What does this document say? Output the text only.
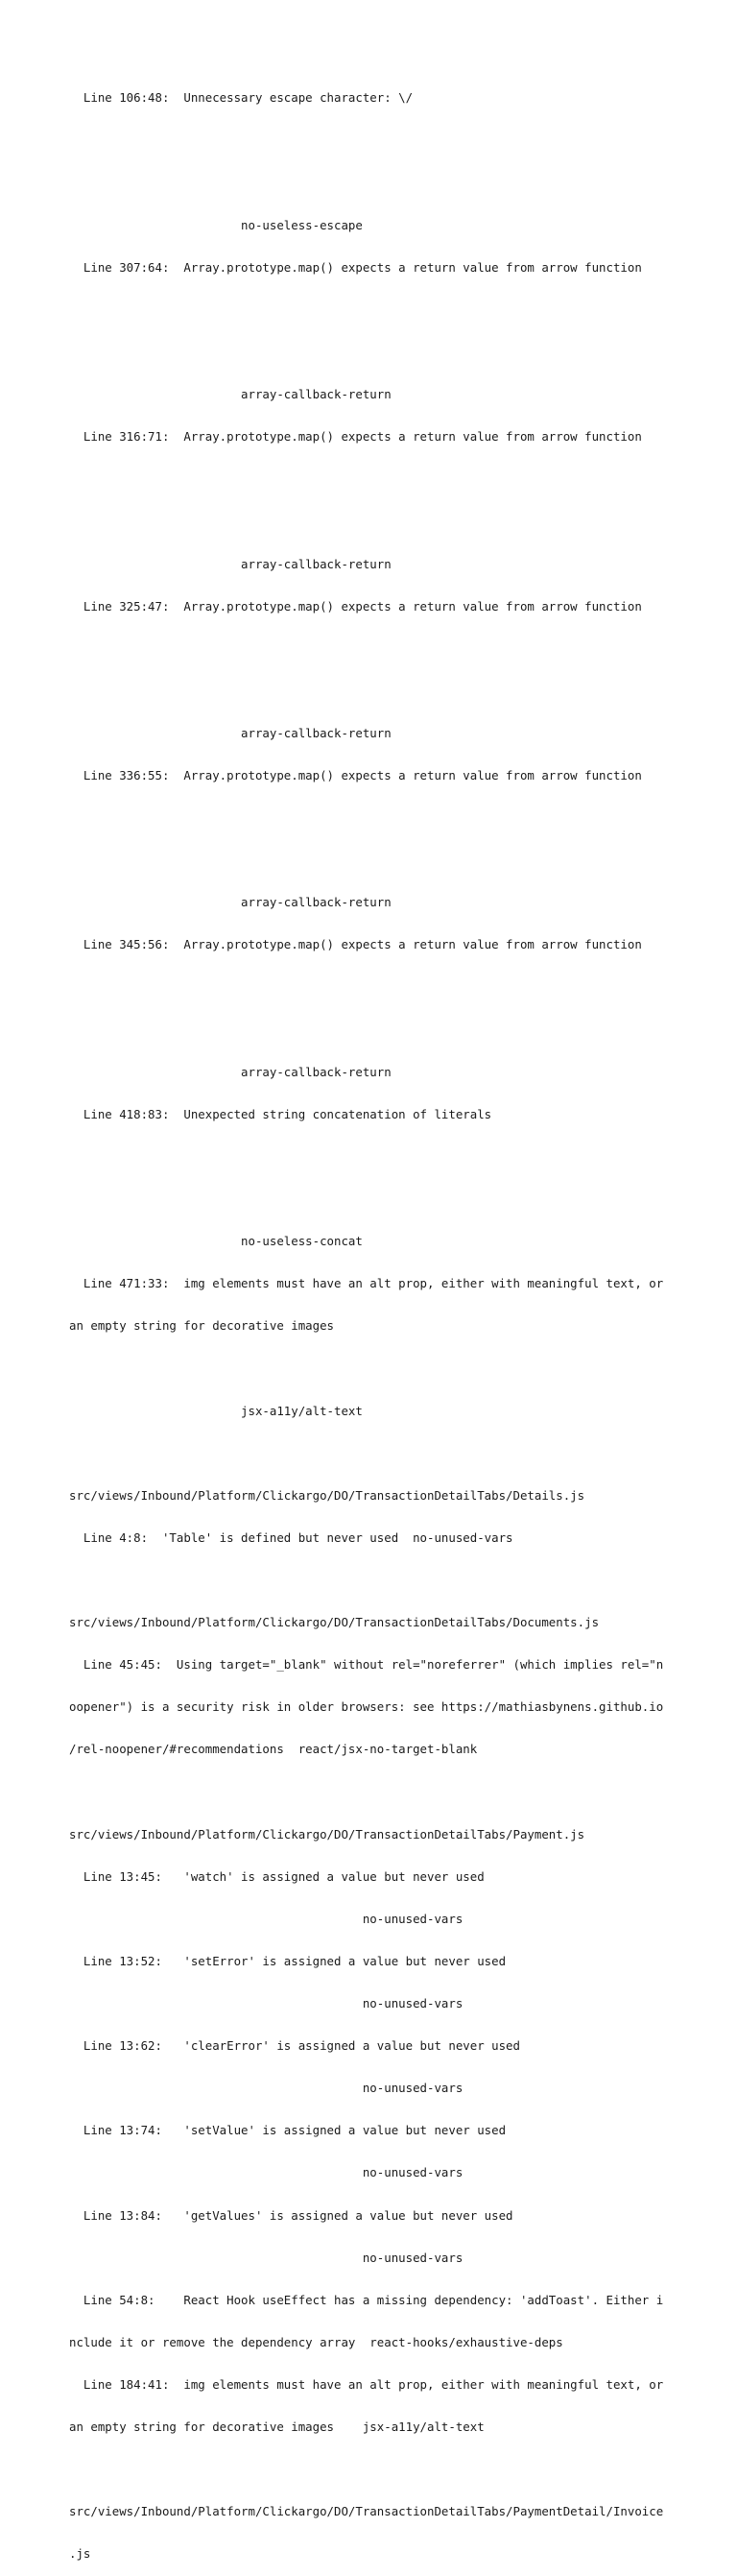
Line 106:48:  Unnecessary escape character: \/

no-useless-escape

Line 307:64:  Array.prototype.map() expects a return value from arrow function

array-callback-return

Line 316:71:  Array.prototype.map() expects a return value from arrow function

array-callback-return

Line 325:47:  Array.prototype.map() expects a return value from arrow function

array-callback-return

Line 336:55:  Array.prototype.map() expects a return value from arrow function

array-callback-return

Line 345:56:  Array.prototype.map() expects a return value from arrow function

array-callback-return

Line 418:83:  Unexpected string concatenation of literals

no-useless-concat

Line 471:33:  img elements must have an alt prop, either with meaningful text, or

an empty string for decorative images

jsx-a11y/alt-text

src/views/Inbound/Platform/Clickargo/DO/TransactionDetailTabs/Details.js

Line 4:8:  'Table' is defined but never used  no-unused-vars

src/views/Inbound/Platform/Clickargo/DO/TransactionDetailTabs/Documents.js

Line 45:45:  Using target="_blank" without rel="noreferrer" (which implies rel="n

oopener") is a security risk in older browsers: see https://mathiasbynens.github.io

/rel-noopener/#recommendations  react/jsx-no-target-blank

src/views/Inbound/Platform/Clickargo/DO/TransactionDetailTabs/Payment.js

Line 13:45:   'watch' is assigned a value but never used

no-unused-vars

Line 13:52:   'setError' is assigned a value but never used

no-unused-vars

Line 13:62:   'clearError' is assigned a value but never used

no-unused-vars

Line 13:74:   'setValue' is assigned a value but never used

no-unused-vars

Line 13:84:   'getValues' is assigned a value but never used

no-unused-vars

Line 54:8:    React Hook useEffect has a missing dependency: 'addToast'. Either i

nclude it or remove the dependency array  react-hooks/exhaustive-deps

Line 184:41:  img elements must have an alt prop, either with meaningful text, or

an empty string for decorative images    jsx-a11y/alt-text

src/views/Inbound/Platform/Clickargo/DO/TransactionDetailTabs/PaymentDetail/Invoice

.js
